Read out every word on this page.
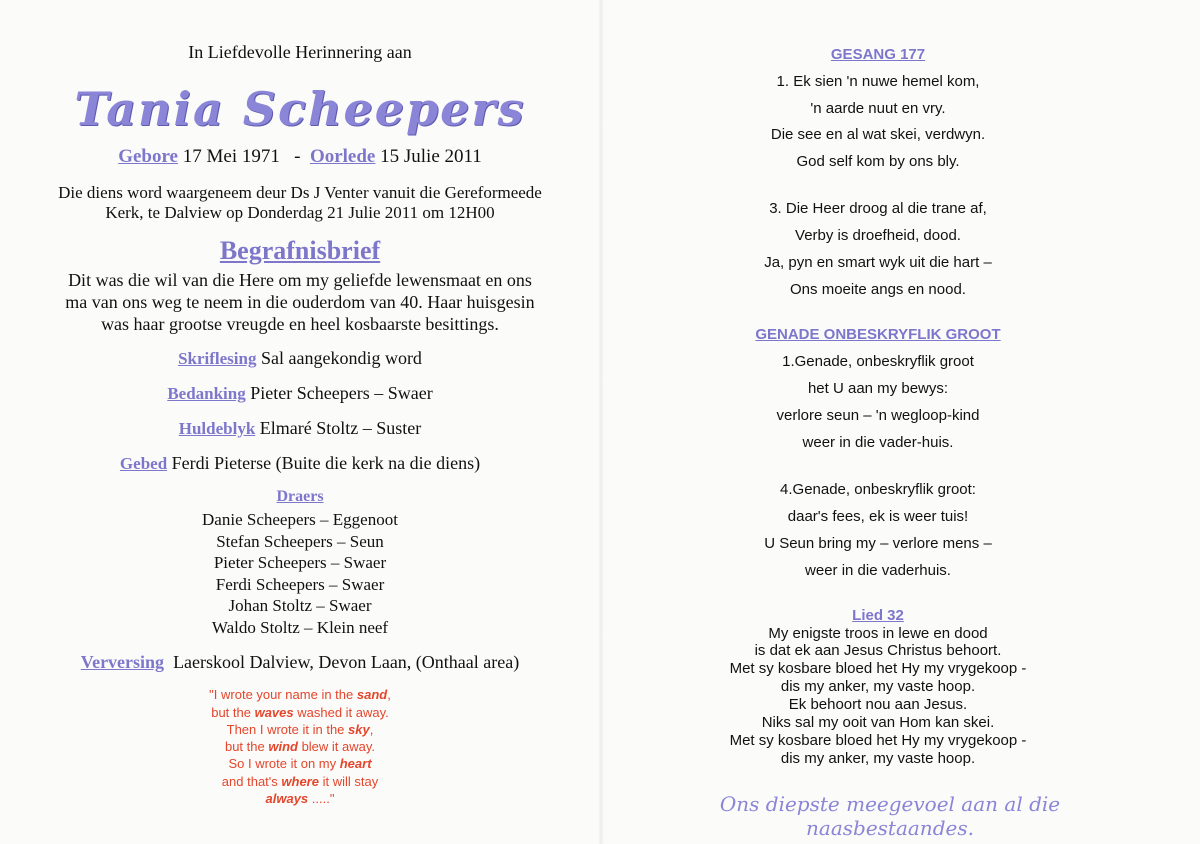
In Liefdevolle Herinnering aan
Tania Scheepers
Gebore 17 Mei 1971 - Oorlede 15 Julie 2011
Die diens word waargeneem deur Ds J Venter vanuit die Gereformeede
Kerk, te Dalview op Donderdag 21 Julie 2011 om 12H00
Begrafnisbrief
Dit was die wil van die Here om my geliefde lewensmaat en ons
ma van ons weg te neem in die ouderdom van 40. Haar huisgesin
was haar grootse vreugde en heel kosbaarste besittings.
Skriflesing Sal aangekondig word
Bedanking Pieter Scheepers – Swaer
Huldeblyk Elmaré Stoltz – Suster
Gebed Ferdi Pieterse (Buite die kerk na die diens)
Draers
Danie Scheepers – Eggenoot
Stefan Scheepers – Seun
Pieter Scheepers – Swaer
Ferdi Scheepers – Swaer
Johan Stoltz – Swaer
Waldo Stoltz – Klein neef
Verversing Laerskool Dalview, Devon Laan, (Onthaal area)
"I wrote your name in the sand,
but the waves washed it away.
Then I wrote it in the sky,
but the wind blew it away.
So I wrote it on my heart
and that's where it will stay
always ....."
GESANG 177
1. Ek sien 'n nuwe hemel kom,
'n aarde nuut en vry.
Die see en al wat skei, verdwyn.
God self kom by ons bly.
3. Die Heer droog al die trane af,
Verby is droefheid, dood.
Ja, pyn en smart wyk uit die hart –
Ons moeite angs en nood.
GENADE ONBESKRYFLIK GROOT
1.Genade, onbeskryflik groot
het U aan my bewys:
verlore seun – 'n wegloop-kind
weer in die vader-huis.
4.Genade, onbeskryflik groot:
daar's fees, ek is weer tuis!
U Seun bring my – verlore mens –
weer in die vaderhuis.
Lied 32
My enigste troos in lewe en dood
is dat ek aan Jesus Christus behoort.
Met sy kosbare bloed het Hy my vrygekoop -
dis my anker, my vaste hoop.
Ek behoort nou aan Jesus.
Niks sal my ooit van Hom kan skei.
Met sy kosbare bloed het Hy my vrygekoop -
dis my anker, my vaste hoop.
Ons diepste meegevoel aan al die naasbestaandes.
